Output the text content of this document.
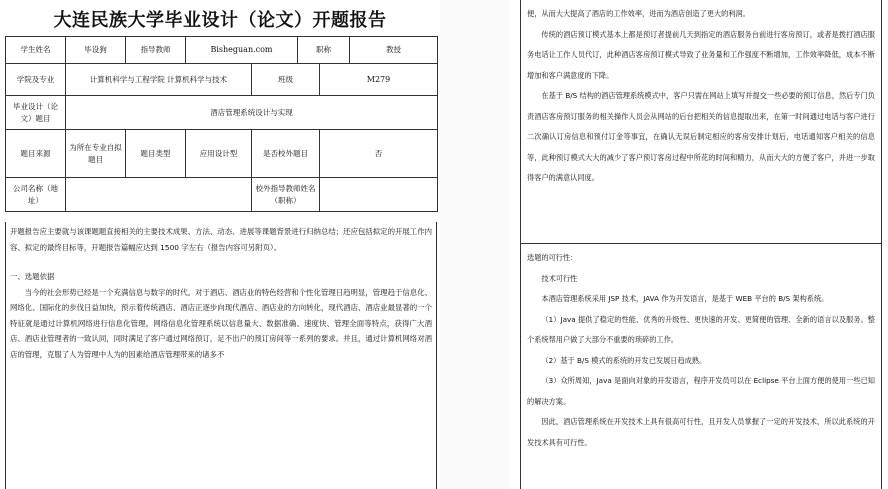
大连民族大学毕业设计（论文）开题报告
学生姓名	毕设狗	指导教师	Bisheguan.com		职称		教授
学院及专业	计算机科学与工程学院 计算机科学与技术			班级		M279	
毕业设计（论文）题目	酒店管理系统设计与实现						
题目来源	为所在专业自拟题目	题目类型	应用设计型	是否校外题目		否	
公司名称（地址）				校外指导教师姓名（职称）			

开题报告应主要就与该课题题直接相关的主要技术成果、方法、动态、进展等课题背景进行归纳总结；还应包括拟定的开展工作内容、拟定的最终目标等，开题报告篇幅应达到 1500 字左右（报告内容可另附页）。

一、选题依据

当今的社会形势已经是一个充满信息与数字的时代。对于酒店、酒店业的特色经营和个性化管理日趋明显，管理趋于信息化、网络化、国际化的步伐日益加快，预示着传统酒店、酒店正逐步向现代酒店、酒店业的方向转化，现代酒店、酒店业最显著的一个特征就是通过计算机网络进行信息化管理。网络信息化管理系统以信息量大、数据准确、速度快、管理全面等特点，获得广大酒店、酒店业管理者的一致认同，同时满足了客户通过网络预订，足不出户的预订房间等一系列的要求。并且，通过计算机网络对酒店的管理，克服了人为管理中人为的因素给酒店管理带来的诸多不

便，从而大大提高了酒店的工作效率，进而为酒店创造了更大的利润。

传统的酒店预订模式基本上都是预订者提前几天到指定的酒店服务台前进行客房预订，或者是拨打酒店服务电话让工作人员代订，此种酒店客房预订模式导致了业务量和工作强度不断增加，工作效率降低，成本不断增加和客户满意度的下降。

在基于 B/S 结构的酒店管理系统模式中，客户只需在网站上填写并提交一些必要的预订信息，然后专门负责酒店客房预订服务的相关操作人员会从网站的后台把相关的信息提取出来，在第一时间通过电话与客户进行二次确认订房信息和预付订金等事宜，在确认无误后制定相应的客房安排计划后，电话通知客户相关的信息等，此种预订模式大大的减少了客户预订客房过程中所花的时间和精力，从而大大的方便了客户，并进一步取得客户的满意认同度。

选题的可行性：

技术可行性

本酒店管理系统采用 JSP 技术，JAVA 作为开发语言，是基于 WEB 平台的 B/S 架构系统。

（1）Java 提供了稳定的性能、优秀的升级性、更快速的开发、更简便的管理、全新的语言以及服务。整个系统帮用户做了大部分不重要的琐碎的工作。

（2）基于 B/S 模式的系统的开发已发展日趋成熟。

（3）众所周知，Java 是面向对象的开发语言，程序开发员可以在 Eclipse 平台上面方便的使用一些已知的解决方案。

因此，酒店管理系统在开发技术上具有很高可行性，且开发人员掌握了一定的开发技术，所以此系统的开发技术具有可行性。
